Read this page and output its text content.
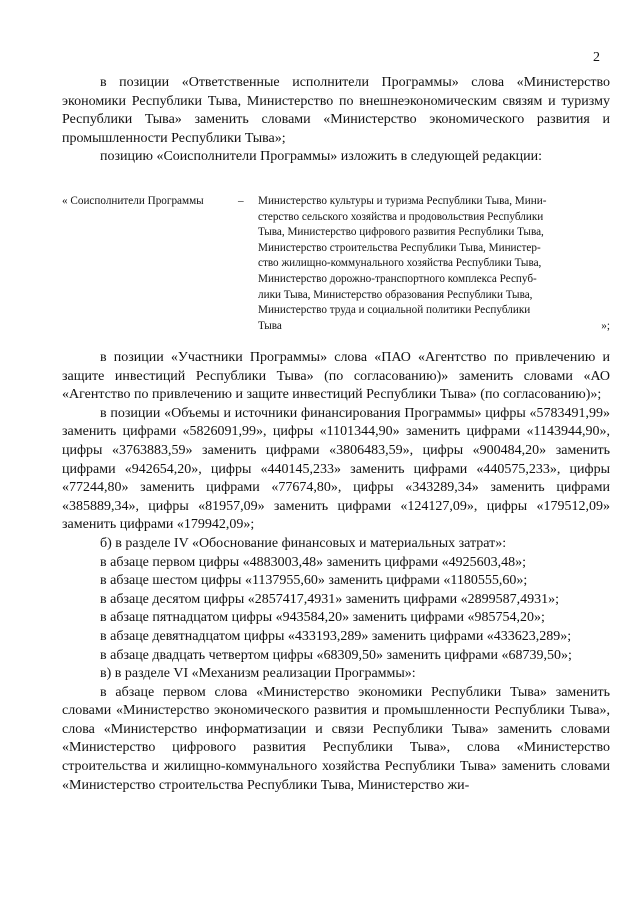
2

в позиции «Ответственные исполнители Программы» слова «Министерство экономики Республики Тыва, Министерство по внешнеэкономическим связям и туризму Республики Тыва» заменить словами «Министерство экономического развития и промышленности Республики Тыва»;

позицию «Соисполнители Программы» изложить в следующей редакции:

« Соисполнители Программы	–	Министерство культуры и туризма Республики Тыва, Мини-
стерство сельского хозяйства и продовольствия Республики
Тыва, Министерство цифрового развития Республики Тыва,
Министерство строительства Республики Тыва, Министер-
ство жилищно-коммунального хозяйства Республики Тыва,
Министерство дорожно-транспортного комплекса Респуб-
лики Тыва, Министерство образования Республики Тыва,
Министерство труда и социальной политики Республики
Тыва	»;

в позиции «Участники Программы» слова «ПАО «Агентство по привлечению и защите инвестиций Республики Тыва» (по согласованию)» заменить словами «АО «Агентство по привлечению и защите инвестиций Республики Тыва» (по согласованию)»;

в позиции «Объемы и источники финансирования Программы» цифры «5783491,99» заменить цифрами «5826091,99», цифры «1101344,90» заменить цифрами «1143944,90», цифры «3763883,59» заменить цифрами «3806483,59», цифры «900484,20» заменить цифрами «942654,20», цифры «440145,233» заменить цифрами «440575,233», цифры «77244,80» заменить цифрами «77674,80», цифры «343289,34» заменить цифрами «385889,34», цифры «81957,09» заменить цифрами «124127,09», цифры «179512,09» заменить цифрами «179942,09»;

б) в разделе IV «Обоснование финансовых и материальных затрат»:

в абзаце первом цифры «4883003,48» заменить цифрами «4925603,48»;

в абзаце шестом цифры «1137955,60» заменить цифрами «1180555,60»;

в абзаце десятом цифры «2857417,4931» заменить цифрами «2899587,4931»;

в абзаце пятнадцатом цифры «943584,20» заменить цифрами «985754,20»;

в абзаце девятнадцатом цифры «433193,289» заменить цифрами «433623,289»;

в абзаце двадцать четвертом цифры «68309,50» заменить цифрами «68739,50»;

в) в разделе VI «Механизм реализации Программы»:

в абзаце первом слова «Министерство экономики Республики Тыва» заменить словами «Министерство экономического развития и промышленности Республики Тыва», слова «Министерство информатизации и связи Республики Тыва» заменить словами «Министерство цифрового развития Республики Тыва», слова «Министерство строительства и жилищно-коммунального хозяйства Республики Тыва» заменить словами «Министерство строительства Республики Тыва, Министерство жи-
